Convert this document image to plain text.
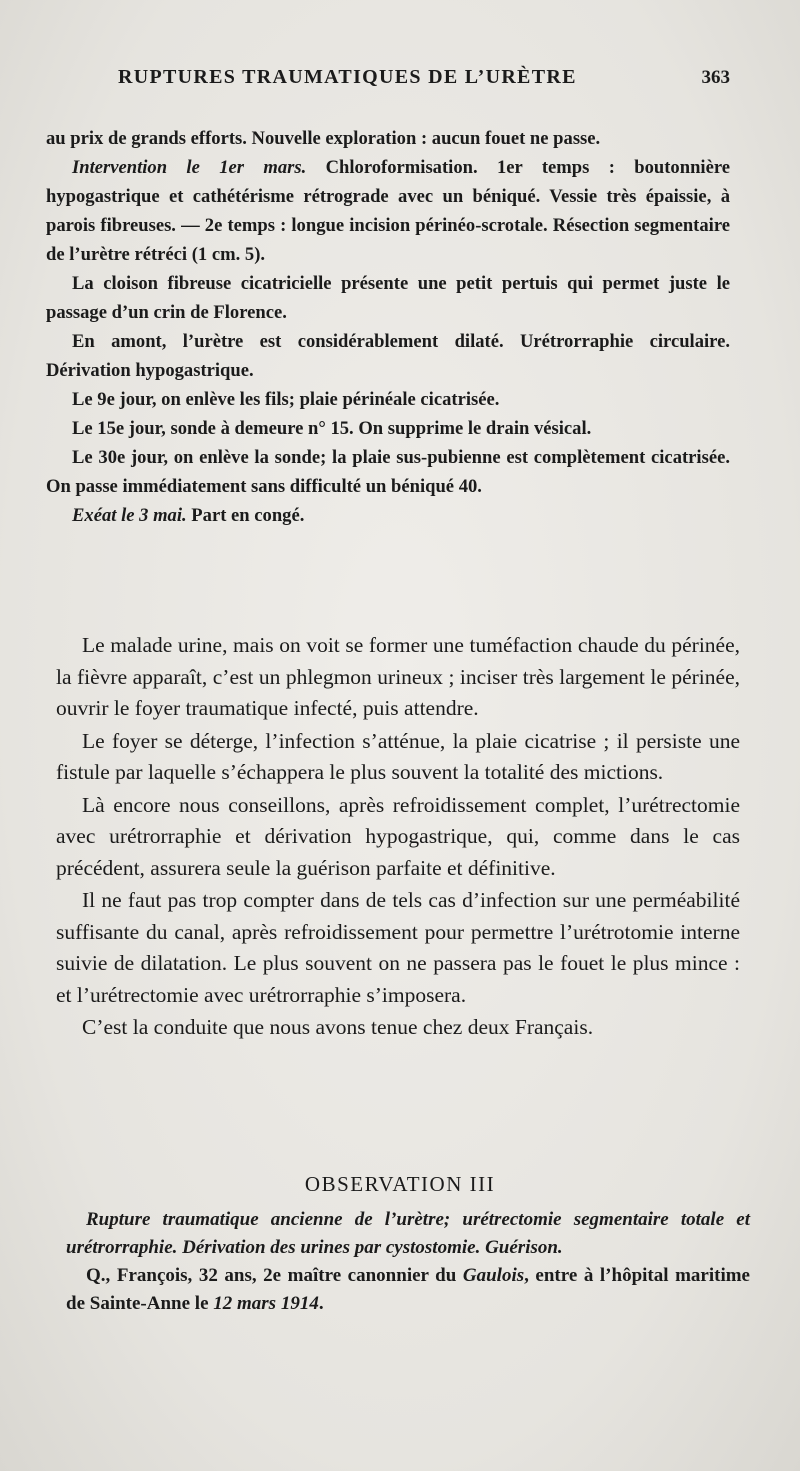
RUPTURES TRAUMATIQUES DE L’URÈTRE	363

au prix de grands efforts. Nouvelle exploration : aucun fouet ne passe.

Intervention le 1er mars. Chloroformisation. 1er temps : boutonnière hypogastrique et cathétérisme rétrograde avec un béniqué. Vessie très épaissie, à parois fibreuses. — 2e temps : longue incision périnéo-scrotale. Résection segmentaire de l’urètre rétréci (1 cm. 5).

La cloison fibreuse cicatricielle présente une petit pertuis qui permet juste le passage d’un crin de Florence.

En amont, l’urètre est considérablement dilaté. Urétrorraphie circulaire. Dérivation hypogastrique.

Le 9e jour, on enlève les fils; plaie périnéale cicatrisée.

Le 15e jour, sonde à demeure n° 15. On supprime le drain vésical.

Le 30e jour, on enlève la sonde; la plaie sus-pubienne est complètement cicatrisée. On passe immédiatement sans difficulté un béniqué 40.

Exéat le 3 mai. Part en congé.

Le malade urine, mais on voit se former une tuméfaction chaude du périnée, la fièvre apparaît, c’est un phlegmon urineux ; inciser très largement le périnée, ouvrir le foyer traumatique infecté, puis attendre.

Le foyer se déterge, l’infection s’atténue, la plaie cicatrise ; il persiste une fistule par laquelle s’échappera le plus souvent la totalité des mictions.

Là encore nous conseillons, après refroidissement complet, l’urétrectomie avec urétrorraphie et dérivation hypogastrique, qui, comme dans le cas précédent, assurera seule la guérison parfaite et définitive.

Il ne faut pas trop compter dans de tels cas d’infection sur une perméabilité suffisante du canal, après refroidissement pour permettre l’urétrotomie interne suivie de dilatation. Le plus souvent on ne passera pas le fouet le plus mince : et l’urétrectomie avec urétrorraphie s’imposera.

C’est la conduite que nous avons tenue chez deux Français.

OBSERVATION III

Rupture traumatique ancienne de l’urètre; urétrectomie segmentaire totale et urétrorraphie. Dérivation des urines par cystostomie. Guérison.

Q., François, 32 ans, 2e maître canonnier du Gaulois, entre à l’hôpital maritime de Sainte-Anne le 12 mars 1914.
